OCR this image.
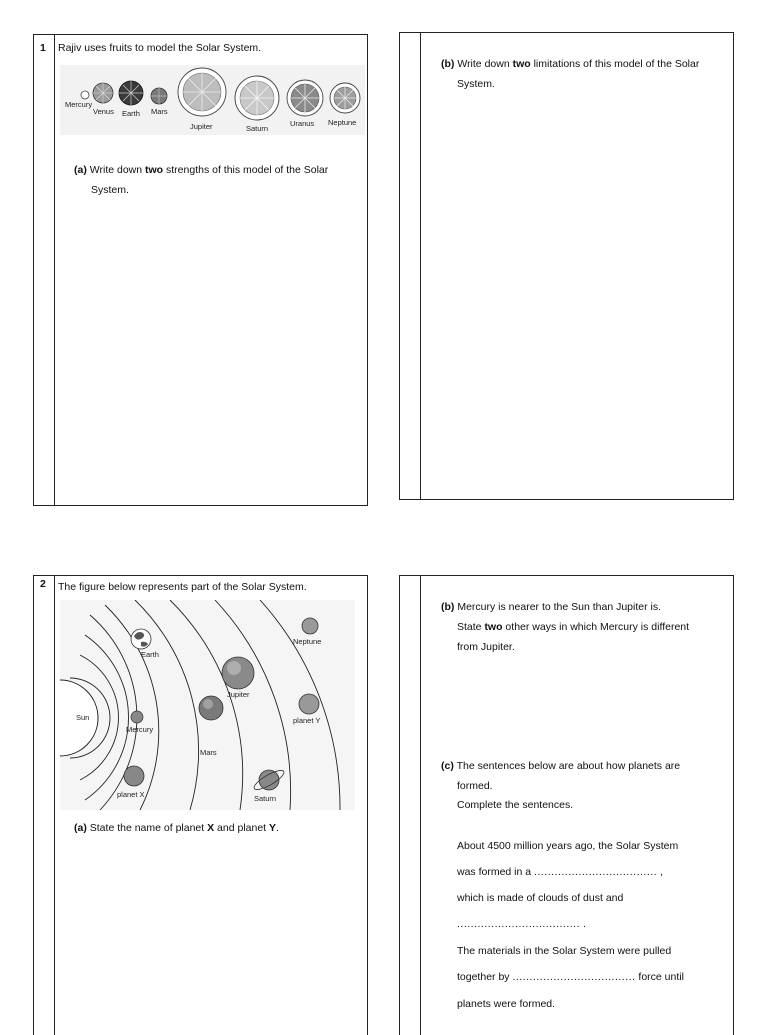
1 Rajiv uses fruits to model the Solar System.
Mercury
Venus Earth Mars
Jupiter	Saturn
Uranus Neptune
(a) Write down two strengths of this model of the Solar
System.
(b) Write down two limitations of this model of the Solar
System.
2 The figure below represents part of the Solar System.
Earth
Neptune
Jupiter
Sun
Mercury
planet Y
Mars
planet X	Saturn
(a) State the name of planet X and planet Y.
(b) Mercury is nearer to the Sun than Jupiter is.
State two other ways in which Mercury is different
from Jupiter.
(c) The sentences below are about how planets are
formed.
Complete the sentences.
About 4500 million years ago, the Solar System
was formed in a .................................... ,
which is made of clouds of dust and
.................................... .
The materials in the Solar System were pulled
together by .................................... force until
planets were formed.
